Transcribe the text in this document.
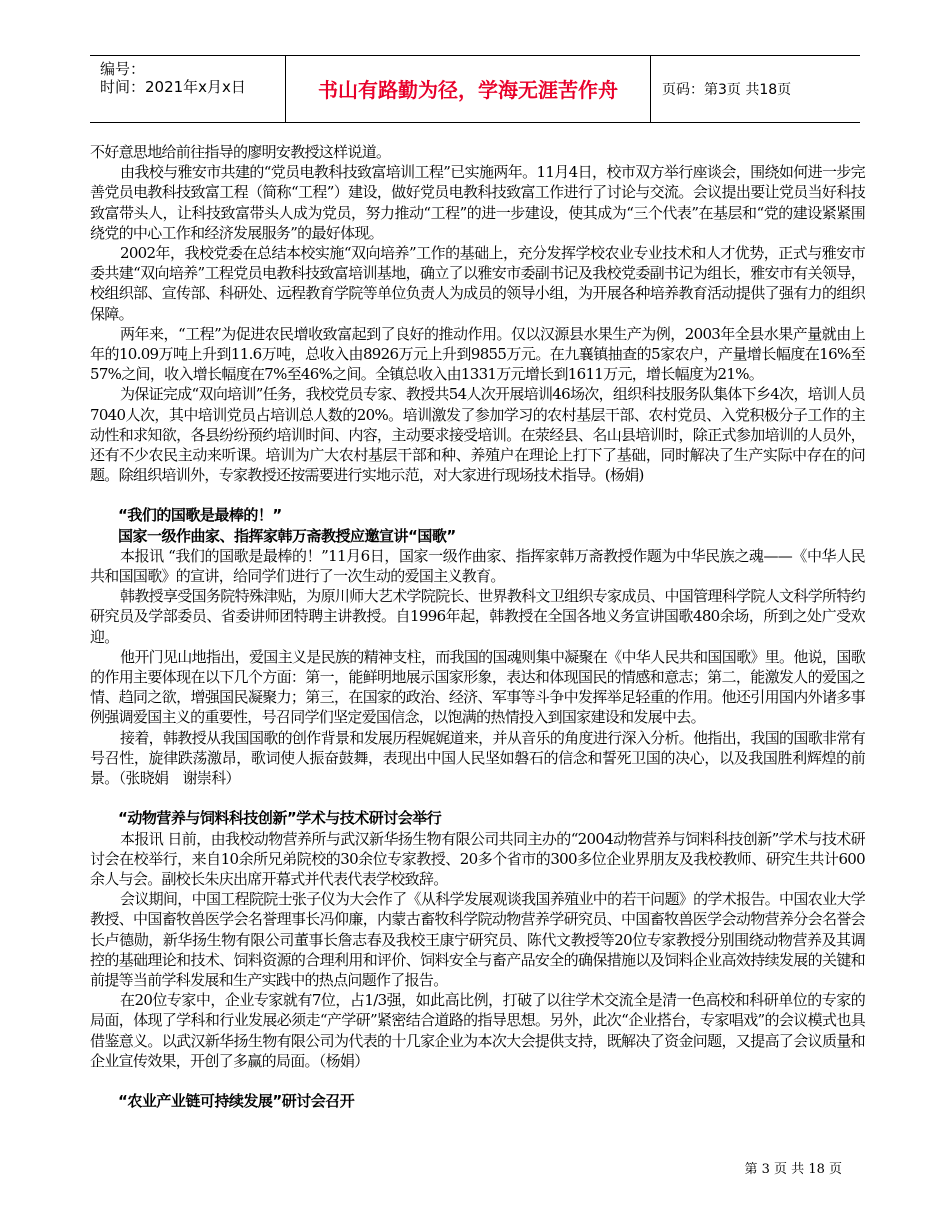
编号：
时间：2021年x月x日	书山有路勤为径，学海无涯苦作舟	页码：第3页 共18页

不好意思地给前往指导的廖明安教授这样说道。

由我校与雅安市共建的“党员电教科技致富培训工程”已实施两年。11月4日，校市双方举行座谈会，围绕如何进一步完善党员电教科技致富工程（简称“工程”）建设，做好党员电教科技致富工作进行了讨论与交流。会议提出要让党员当好科技致富带头人，让科技致富带头人成为党员，努力推动“工程”的进一步建设，使其成为“三个代表”在基层和“党的建设紧紧围绕党的中心工作和经济发展服务”的最好体现。

2002年，我校党委在总结本校实施“双向培养”工作的基础上，充分发挥学校农业专业技术和人才优势，正式与雅安市委共建“双向培养”工程党员电教科技致富培训基地，确立了以雅安市委副书记及我校党委副书记为组长，雅安市有关领导，校组织部、宣传部、科研处、远程教育学院等单位负责人为成员的领导小组，为开展各种培养教育活动提供了强有力的组织保障。

两年来，“工程”为促进农民增收致富起到了良好的推动作用。仅以汉源县水果生产为例，2003年全县水果产量就由上年的10.09万吨上升到11.6万吨，总收入由8926万元上升到9855万元。在九襄镇抽查的5家农户，产量增长幅度在16%至57%之间，收入增长幅度在7%至46%之间。全镇总收入由1331万元增长到1611万元，增长幅度为21%。

为保证完成“双向培训”任务，我校党员专家、教授共54人次开展培训46场次，组织科技服务队集体下乡4次，培训人员7040人次，其中培训党员占培训总人数的20%。培训激发了参加学习的农村基层干部、农村党员、入党积极分子工作的主动性和求知欲，各县纷纷预约培训时间、内容，主动要求接受培训。在荥经县、名山县培训时，除正式参加培训的人员外，还有不少农民主动来听课。培训为广大农村基层干部和种、养殖户在理论上打下了基础，同时解决了生产实际中存在的问题。除组织培训外，专家教授还按需要进行实地示范，对大家进行现场技术指导。(杨娟)

“我们的国歌是最棒的！”
国家一级作曲家、指挥家韩万斋教授应邀宣讲“国歌”

本报讯 “我们的国歌是最棒的！”11月6日，国家一级作曲家、指挥家韩万斋教授作题为中华民族之魂——《中华人民共和国国歌》的宣讲，给同学们进行了一次生动的爱国主义教育。

韩教授享受国务院特殊津贴，为原川师大艺术学院院长、世界教科文卫组织专家成员、中国管理科学院人文科学所特约研究员及学部委员、省委讲师团特聘主讲教授。自1996年起，韩教授在全国各地义务宣讲国歌480余场，所到之处广受欢迎。

他开门见山地指出，爱国主义是民族的精神支柱，而我国的国魂则集中凝聚在《中华人民共和国国歌》里。他说，国歌的作用主要体现在以下几个方面：第一，能鲜明地展示国家形象，表达和体现国民的情感和意志；第二，能激发人的爱国之情、趋同之欲，增强国民凝聚力；第三，在国家的政治、经济、军事等斗争中发挥举足轻重的作用。他还引用国内外诸多事例强调爱国主义的重要性，号召同学们坚定爱国信念，以饱满的热情投入到国家建设和发展中去。

接着，韩教授从我国国歌的创作背景和发展历程娓娓道来，并从音乐的角度进行深入分析。他指出，我国的国歌非常有号召性，旋律跌荡激昂，歌词使人振奋鼓舞，表现出中国人民坚如磐石的信念和誓死卫国的决心，以及我国胜利辉煌的前景。（张晓娟　谢崇科）

“动物营养与饲料科技创新”学术与技术研讨会举行

本报讯 日前，由我校动物营养所与武汉新华扬生物有限公司共同主办的“2004动物营养与饲料科技创新”学术与技术研讨会在校举行，来自10余所兄弟院校的30余位专家教授、20多个省市的300多位企业界朋友及我校教师、研究生共计600余人与会。副校长朱庆出席开幕式并代表代表学校致辞。

会议期间，中国工程院院士张子仪为大会作了《从科学发展观谈我国养殖业中的若干问题》的学术报告。中国农业大学教授、中国畜牧兽医学会名誉理事长冯仰廉，内蒙古畜牧科学院动物营养学研究员、中国畜牧兽医学会动物营养分会名誉会长卢德勋，新华扬生物有限公司董事长詹志春及我校王康宁研究员、陈代文教授等20位专家教授分别围绕动物营养及其调控的基础理论和技术、饲料资源的合理利用和评价、饲料安全与畜产品安全的确保措施以及饲料企业高效持续发展的关键和前提等当前学科发展和生产实践中的热点问题作了报告。

在20位专家中，企业专家就有7位，占1/3强，如此高比例，打破了以往学术交流全是清一色高校和科研单位的专家的局面，体现了学科和行业发展必须走“产学研”紧密结合道路的指导思想。另外，此次“企业搭台，专家唱戏”的会议模式也具借鉴意义。以武汉新华扬生物有限公司为代表的十几家企业为本次大会提供支持，既解决了资金问题，又提高了会议质量和企业宣传效果，开创了多赢的局面。（杨娟）

“农业产业链可持续发展”研讨会召开
第 3 页 共 18 页
